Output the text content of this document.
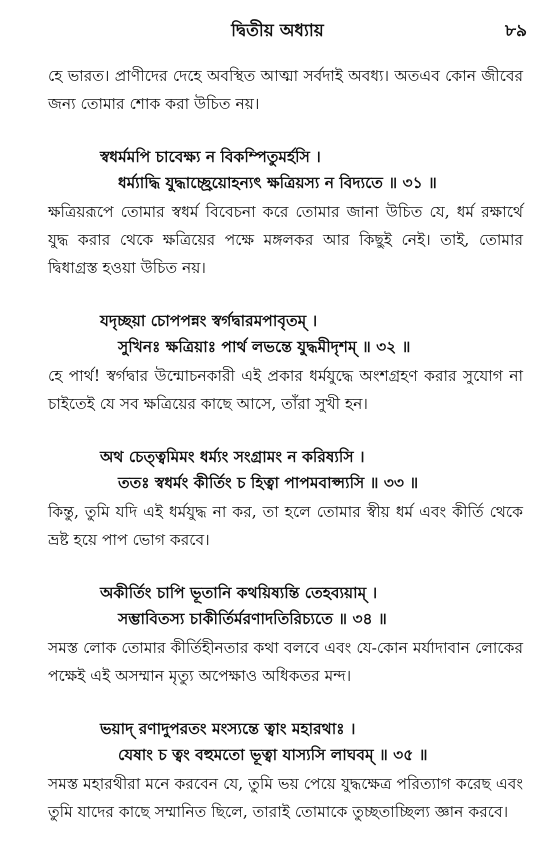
দ্বিতীয় অধ্যায়	৮৯

হে ভারত। প্রাণীদের দেহে অবস্থিত আত্মা সর্বদাই অবধ্য। অতএব কোন জীবের জন্য তোমার শোক করা উচিত নয়।

স্বধর্মমপি চাবেক্ষ্য ন বিকম্পিতুমর্হসি ।
ধর্ম্যাদ্ধি যুদ্ধাচ্ছ্রেয়োহন্যৎ ক্ষত্রিয়স্য ন বিদ্যতে ॥ ৩১ ॥

ক্ষত্রিয়রূপে তোমার স্বধর্ম বিবেচনা করে তোমার জানা উচিত যে, ধর্ম রক্ষার্থে যুদ্ধ করার থেকে ক্ষত্রিয়ের পক্ষে মঙ্গলকর আর কিছুই নেই। তাই, তোমার দ্বিধাগ্রস্ত হওয়া উচিত নয়।

যদৃচ্ছয়া চোপপন্নং স্বর্গদ্বারমপাবৃতম্ ।
সুখিনঃ ক্ষত্রিয়াঃ পার্থ লভন্তে যুদ্ধমীদৃশম্ ॥ ৩২ ॥

হে পার্থ! স্বর্গদ্বার উন্মোচনকারী এই প্রকার ধর্মযুদ্ধে অংশগ্রহণ করার সুযোগ না চাইতেই যে সব ক্ষত্রিয়ের কাছে আসে, তাঁরা সুখী হন।

অথ চেত্ত্বমিমং ধর্ম্যং সংগ্রামং ন করিষ্যসি ।
ততঃ স্বধর্মং কীর্তিং চ হিত্বা পাপমবাপ্স্যসি ॥ ৩৩ ॥

কিন্তু, তুমি যদি এই ধর্মযুদ্ধ না কর, তা হলে তোমার স্বীয় ধর্ম এবং কীর্তি থেকে ভ্রষ্ট হয়ে পাপ ভোগ করবে।

অকীর্তিং চাপি ভূতানি কথয়িষ্যন্তি তেহব্যয়াম্ ।
সম্ভাবিতস্য চাকীর্তির্মরণাদতিরিচ্যতে ॥ ৩৪ ॥

সমস্ত লোক তোমার কীর্তিহীনতার কথা বলবে এবং যে-কোন মর্যাদাবান লোকের পক্ষেই এই অসম্মান মৃত্যু অপেক্ষাও অধিকতর মন্দ।

ভয়াদ্ রণাদুপরতং মংস্যন্তে ত্বাং মহারথাঃ ।
যেষাং চ ত্বং বহুমতো ভূত্বা যাস্যসি লাঘবম্ ॥ ৩৫ ॥

সমস্ত মহারথীরা মনে করবেন যে, তুমি ভয় পেয়ে যুদ্ধক্ষেত্র পরিত্যাগ করেছ এবং তুমি যাদের কাছে সম্মানিত ছিলে, তারাই তোমাকে তুচ্ছতাচ্ছিল্য জ্ঞান করবে।
